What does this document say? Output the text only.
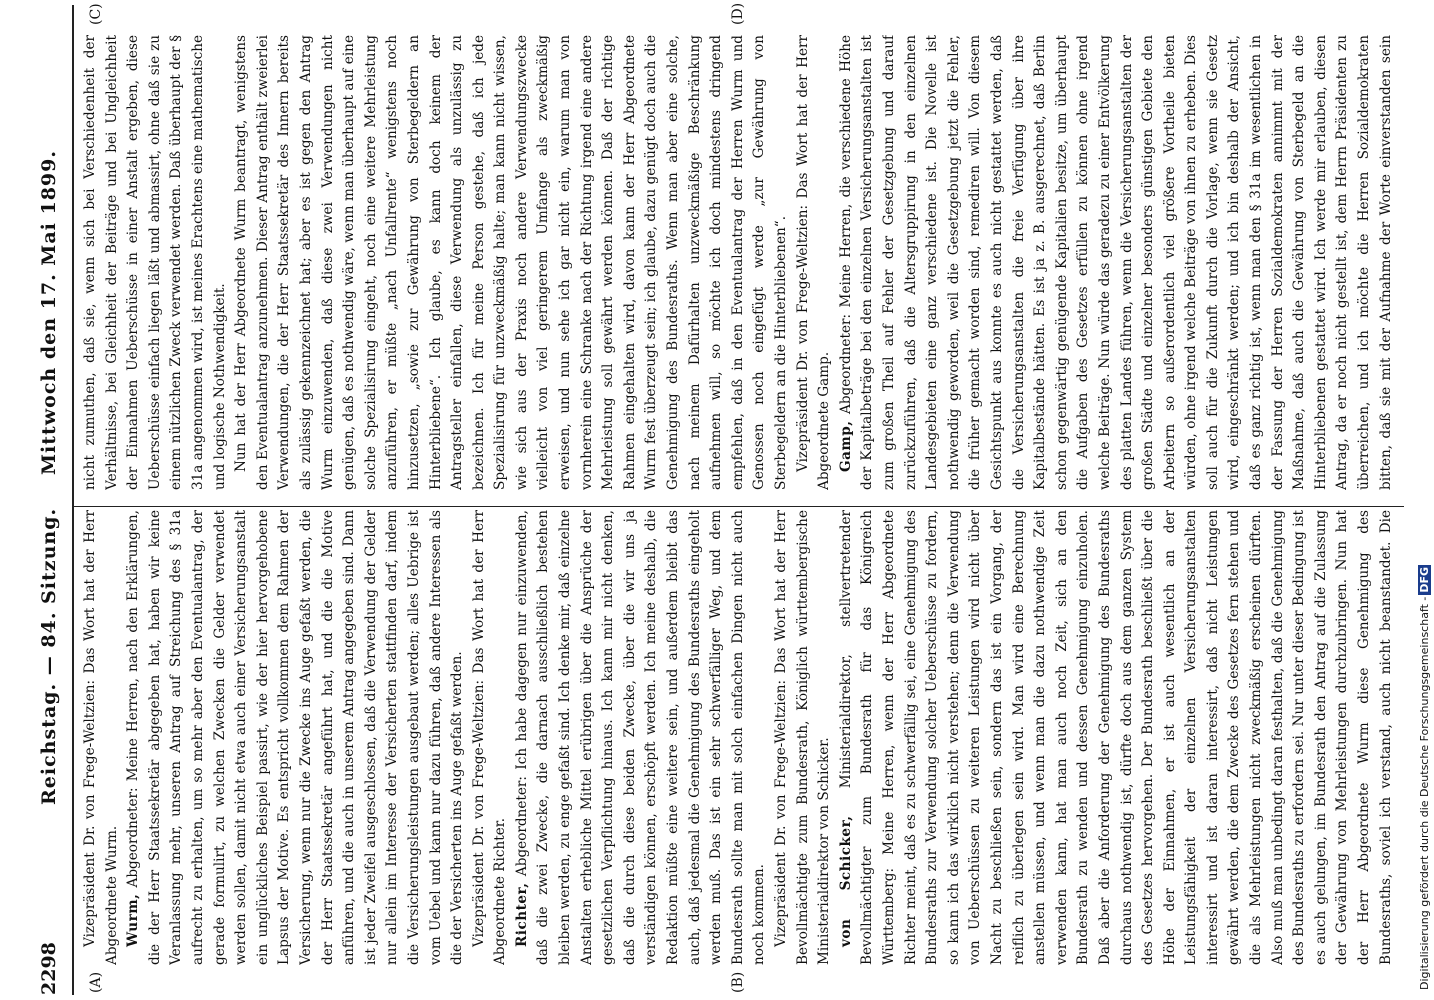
2298
Reichstag. — 84. Sitzung.
Mittwoch den 17. Mai 1899.
(A)	(B)
(C)	(D)

Vizepräsident Dr. von Frege-Weltzien: Das Wort hat der Herr Abgeordnete Wurm. Wurm, Abgeordneter: Meine Herren, nach den Erklärungen, die der Herr Staatssekretär abgegeben hat, haben wir keine Veranlassung mehr, unseren Antrag auf Streichung des § 31a aufrecht zu erhalten, um so mehr aber den Eventualantrag, der gerade formulirt, zu welchen Zwecken die Gelder verwendet werden sollen, damit nicht etwa auch einer Versicherungsanstalt ein unglückliches Beispiel passirt, wie der hier hervorgehobene Lapsus der Motive. Es entspricht vollkommen dem Rahmen der Versicherung, wenn nur die Zwecke ins Auge gefaßt werden, die der Herr Staatssekretär angeführt hat, und die die Motive anführen, und die auch in unserem Antrag angegeben sind. Dann ist jeder Zweifel ausgeschlossen, daß die Verwendung der Gelder nur allein im Interesse der Versicherten stattfinden darf, indem die Versicherungsleistungen ausgebaut werden; alles Uebrige ist vom Uebel und kann nur dazu führen, daß andere Interessen als die der Versicherten ins Auge gefaßt werden. Vizepräsident Dr. von Frege-Weltzien: Das Wort hat der Herr Abgeordnete Richter. Richter, Abgeordneter: Ich habe dagegen nur einzuwenden, daß die zwei Zwecke, die darnach ausschließlich bestehen bleiben werden, zu enge gefaßt sind. Ich denke mir, daß einzelne Anstalten erhebliche Mittel erübrigen über die Ansprüche der gesetzlichen Verpflichtung hinaus. Ich kann mir nicht denken, daß die durch diese beiden Zwecke, über die wir uns ja verständigen können, erschöpft werden. Ich meine deshalb, die Redaktion müßte eine weitere sein, und außerdem bleibt das auch, daß jedesmal die Genehmigung des Bundesraths eingeholt werden muß. Das ist ein sehr schwerfälliger Weg, und dem Bundesrath sollte man mit solch einfachen Dingen nicht auch noch kommen. Vizepräsident Dr. von Frege-Weltzien: Das Wort hat der Herr Bevollmächtigte zum Bundesrath, Königlich württembergische Ministerialdirektor von Schicker. von Schicker, Ministerialdirektor, stellvertretender Bevollmächtigter zum Bundesrath für das Königreich Württemberg: Meine Herren, wenn der Herr Abgeordnete Richter meint, daß es zu schwerfällig sei, eine Genehmigung des Bundesraths zur Verwendung solcher Ueberschüsse zu fordern, so kann ich das wirklich nicht verstehen; denn die Verwendung von Ueberschüssen zu weiteren Leistungen wird nicht über Nacht zu beschließen sein, sondern das ist ein Vorgang, der reiflich zu überlegen sein wird. Man wird eine Berechnung anstellen müssen, und wenn man die dazu nothwendige Zeit verwenden kann, hat man auch noch Zeit, sich an den Bundesrath zu wenden und dessen Genehmigung einzuholen. Daß aber die Anforderung der Genehmigung des Bundesraths durchaus nothwendig ist, dürfte doch aus dem ganzen System des Gesetzes hervorgehen. Der Bundesrath beschließt über die Höhe der Einnahmen, er ist auch wesentlich an der Leistungsfähigkeit der einzelnen Versicherungsanstalten interessirt und ist daran interessirt, daß nicht Leistungen gewährt werden, die dem Zwecke des Gesetzes fern stehen und die als Mehrleistungen nicht zweckmäßig erscheinen dürften. Also muß man unbedingt daran festhalten, daß die Genehmigung des Bundesraths zu erfordern sei. Nur unter dieser Bedingung ist es auch gelungen, im Bundesrath den Antrag auf die Zulassung der Gewährung von Mehrleistungen durchzubringen. Nun hat der Herr Abgeordnete Wurm diese Genehmigung des Bundesraths, soviel ich verstand, auch nicht beanstandet. Die

nicht zumuthen, daß sie, wenn sich bei Verschiedenheit der Verhältnisse, bei Gleichheit der Beiträge und bei Ungleichheit der Einnahmen Ueberschüsse in einer Anstalt ergeben, diese Ueberschüsse einfach liegen läßt und abmassirt, ohne daß sie zu einem nützlichen Zweck verwendet werden. Daß überhaupt der § 31a angenommen wird, ist meines Erachtens eine mathematische und logische Nothwendigkeit. Nun hat der Herr Abgeordnete Wurm beantragt, wenigstens den Eventualantrag anzunehmen. Dieser Antrag enthält zweierlei Verwendungen, die der Herr Staatssekretär des Innern bereits als zulässig gekennzeichnet hat; aber es ist gegen den Antrag Wurm einzuwenden, daß diese zwei Verwendungen nicht genügen, daß es nothwendig wäre, wenn man überhaupt auf eine solche Spezialisirung eingeht, noch eine weitere Mehrleistung anzuführen, er müßte „nach Unfallrente“ wenigstens noch hinzusetzen, „sowie zur Gewährung von Sterbegeldern an Hinterbliebene“. Ich glaube, es kann doch keinem der Antragsteller einfallen, diese Verwendung als unzulässig zu bezeichnen. Ich für meine Person gestehe, daß ich jede Spezialisirung für unzweckmäßig halte; man kann nicht wissen, wie sich aus der Praxis noch andere Verwendungszwecke vielleicht von viel geringerem Umfange als zweckmäßig erweisen, und nun sehe ich gar nicht ein, warum man von vornherein eine Schranke nach der Richtung irgend eine andere Mehrleistung soll gewährt werden können. Daß der richtige Rahmen eingehalten wird, davon kann der Herr Abgeordnete Wurm fest überzeugt sein; ich glaube, dazu genügt doch auch die Genehmigung des Bundesraths. Wenn man aber eine solche, nach meinem Dafürhalten unzweckmäßige Beschränkung aufnehmen will, so möchte ich doch mindestens dringend empfehlen, daß in den Eventualantrag der Herren Wurm und Genossen noch eingefügt werde „zur Gewährung von Sterbegeldern an die Hinterbliebenen“. Vizepräsident Dr. von Frege-Weltzien: Das Wort hat der Herr Abgeordnete Gamp. Gamp, Abgeordneter: Meine Herren, die verschiedene Höhe der Kapitalbeträge bei den einzelnen Versicherungsanstalten ist zum großen Theil auf Fehler der Gesetzgebung und darauf zurückzuführen, daß die Altersgruppirung in den einzelnen Landesgebieten eine ganz verschiedene ist. Die Novelle ist nothwendig geworden, weil die Gesetzgebung jetzt die Fehler, die früher gemacht worden sind, remediren will. Von diesem Gesichtspunkt aus konnte es auch nicht gestattet werden, daß die Versicherungsanstalten die freie Verfügung über ihre Kapitalbestände hätten. Es ist ja z. B. ausgerechnet, daß Berlin schon gegenwärtig genügende Kapitalien besitze, um überhaupt die Aufgaben des Gesetzes erfüllen zu können ohne irgend welche Beiträge. Nun würde das geradezu zu einer Entvölkerung des platten Landes führen, wenn die Versicherungsanstalten der großen Städte und einzelner besonders günstigen Gebiete den Arbeitern so außerordentlich viel größere Vortheile bieten würden, ohne irgend welche Beiträge von ihnen zu erheben. Dies soll auch für die Zukunft durch die Vorlage, wenn sie Gesetz wird, eingeschränkt werden; und ich bin deshalb der Ansicht, daß es ganz richtig ist, wenn man den § 31a im wesentlichen in der Fassung der Herren Sozialdemokraten annimmt mit der Maßnahme, daß auch die Gewährung von Sterbegeld an die Hinterbliebenen gestattet wird. Ich werde mir erlauben, diesen Antrag, da er noch nicht gestellt ist, dem Herrn Präsidenten zu überreichen, und ich möchte die Herren Sozialdemokraten bitten, daß sie mit der Aufnahme der Worte einverstanden sein

Digitalisierung gefördert durch die Deutsche Forschungsgemeinschaft -DFG
